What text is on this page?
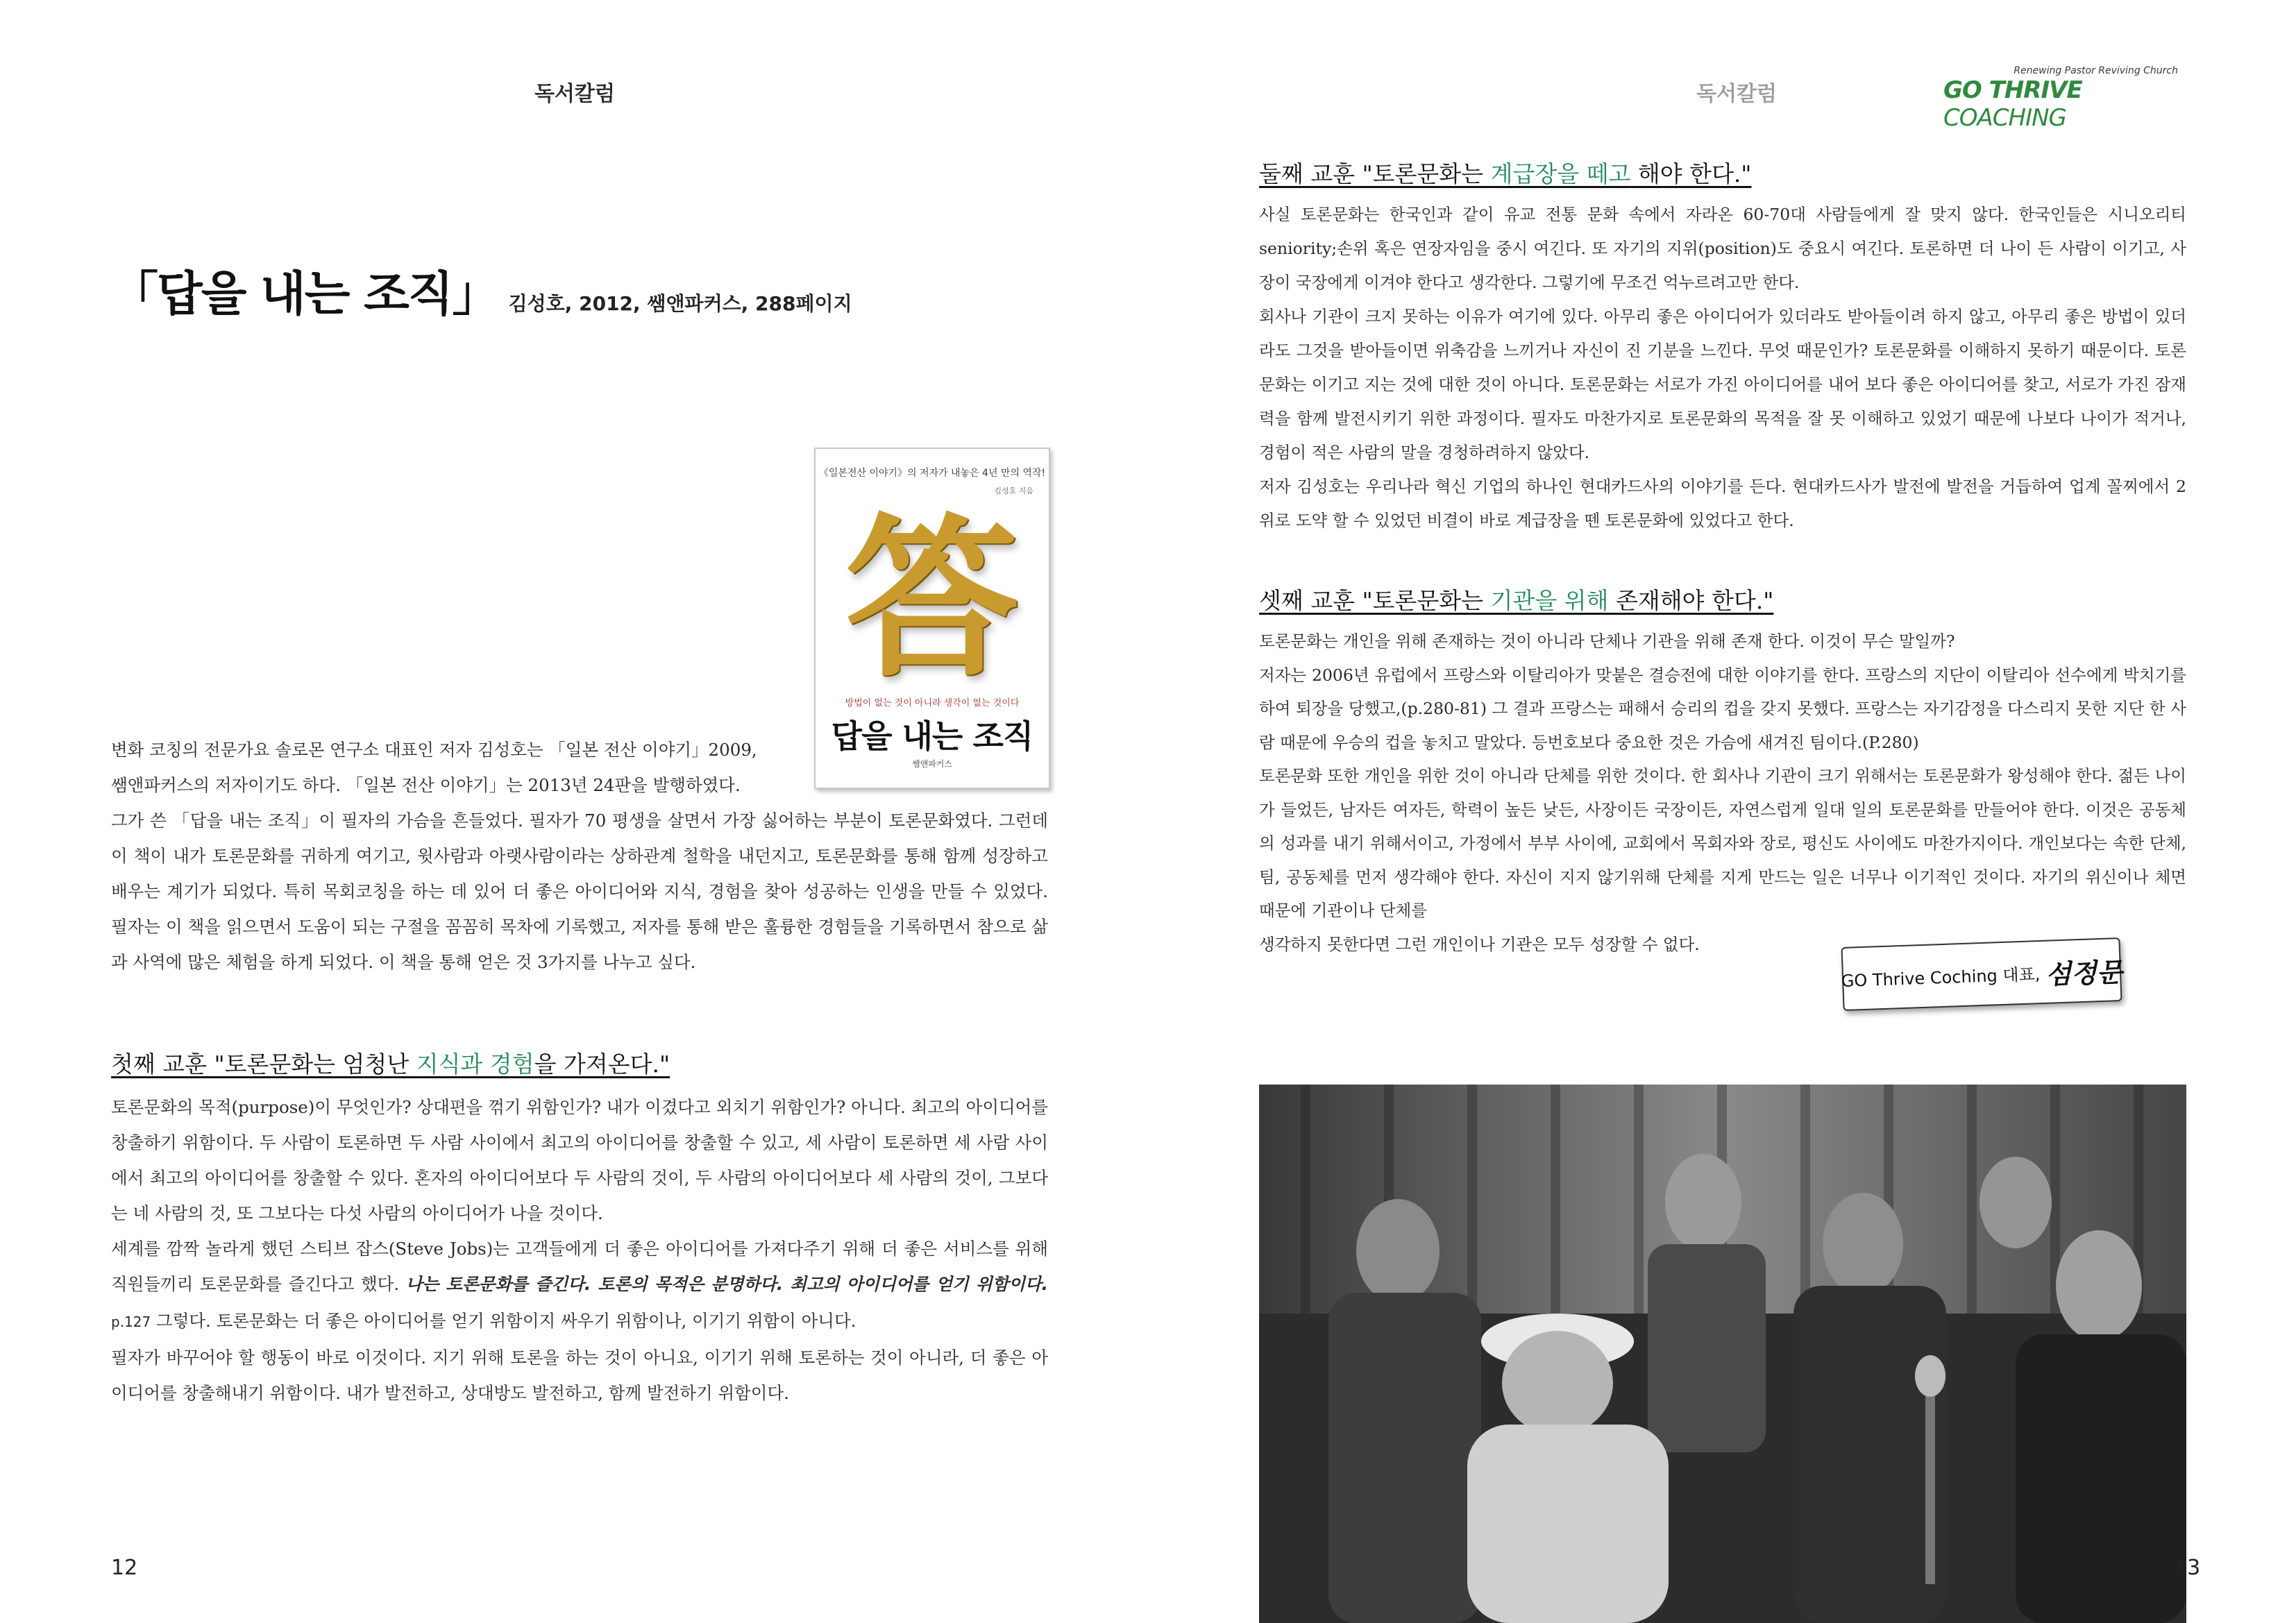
독서칼럼
「답을 내는 조직」 김성호, 2012, 쌤앤파커스, 288페이지
《일본전산 이야기》의 저자가 내놓은 4년 만의 역작!
김성호 지음
答
방법이 없는 것이 아니라 생각이 없는 것이다
답을 내는 조직
쌤앤파커스

변화 코칭의 전문가요 솔로몬 연구소 대표인 저자 김성호는 「일본 전산 이야기」2009,

쌤앤파커스의 저자이기도 하다. 「일본 전산 이야기」는 2013년 24판을 발행하였다.

그가 쓴 「답을 내는 조직」이 필자의 가슴을 흔들었다. 필자가 70 평생을 살면서 가장 싫어하는 부분이 토론문화였다. 그런데 이 책이 내가 토론문화를 귀하게 여기고, 윗사람과 아랫사람이라는 상하관계 철학을 내던지고, 토론문화를 통해 함께 성장하고 배우는 계기가 되었다. 특히 목회코칭을 하는 데 있어 더 좋은 아이디어와 지식, 경험을 찾아 성공하는 인생을 만들 수 있었다. 필자는 이 책을 읽으면서 도움이 되는 구절을 꼼꼼히 목차에 기록했고, 저자를 통해 받은 훌륭한 경험들을 기록하면서 참으로 삶과 사역에 많은 체험을 하게 되었다. 이 책을 통해 얻은 것 3가지를 나누고 싶다.

첫째 교훈 "토론문화는 엄청난 지식과 경험을 가져온다."

토론문화의 목적(purpose)이 무엇인가? 상대편을 꺾기 위함인가? 내가 이겼다고 외치기 위함인가? 아니다. 최고의 아이디어를 창출하기 위함이다. 두 사람이 토론하면 두 사람 사이에서 최고의 아이디어를 창출할 수 있고, 세 사람이 토론하면 세 사람 사이에서 최고의 아이디어를 창출할 수 있다. 혼자의 아이디어보다 두 사람의 것이, 두 사람의 아이디어보다 세 사람의 것이, 그보다는 네 사람의 것, 또 그보다는 다섯 사람의 아이디어가 나을 것이다.

세계를 깜짝 놀라게 했던 스티브 잡스(Steve Jobs)는 고객들에게 더 좋은 아이디어를 가져다주기 위해 더 좋은 서비스를 위해 직원들끼리 토론문화를 즐긴다고 했다. 나는 토론문화를 즐긴다. 토론의 목적은 분명하다. 최고의 아이디어를 얻기 위함이다. p.127 그렇다. 토론문화는 더 좋은 아이디어를 얻기 위함이지 싸우기 위함이나, 이기기 위함이 아니다.

필자가 바꾸어야 할 행동이 바로 이것이다. 지기 위해 토론을 하는 것이 아니요, 이기기 위해 토론하는 것이 아니라, 더 좋은 아이디어를 창출해내기 위함이다. 내가 발전하고, 상대방도 발전하고, 함께 발전하기 위함이다.

12
독서칼럼
Renewing Pastor Reviving Church
GO THRIVE COACHING

둘째 교훈 "토론문화는 계급장을 떼고 해야 한다."

사실 토론문화는 한국인과 같이 유교 전통 문화 속에서 자라온 60-70대 사람들에게 잘 맞지 않다. 한국인들은 시니오리티seniority;손위 혹은 연장자임을 중시 여긴다. 또 자기의 지위(position)도 중요시 여긴다. 토론하면 더 나이 든 사람이 이기고, 사장이 국장에게 이겨야 한다고 생각한다. 그렇기에 무조건 억누르려고만 한다.

회사나 기관이 크지 못하는 이유가 여기에 있다. 아무리 좋은 아이디어가 있더라도 받아들이려 하지 않고, 아무리 좋은 방법이 있더라도 그것을 받아들이면 위축감을 느끼거나 자신이 진 기분을 느낀다. 무엇 때문인가? 토론문화를 이해하지 못하기 때문이다. 토론문화는 이기고 지는 것에 대한 것이 아니다. 토론문화는 서로가 가진 아이디어를 내어 보다 좋은 아이디어를 찾고, 서로가 가진 잠재력을 함께 발전시키기 위한 과정이다. 필자도 마찬가지로 토론문화의 목적을 잘 못 이해하고 있었기 때문에 나보다 나이가 적거나, 경험이 적은 사람의 말을 경청하려하지 않았다.

저자 김성호는 우리나라 혁신 기업의 하나인 현대카드사의 이야기를 든다. 현대카드사가 발전에 발전을 거듭하여 업계 꼴찌에서 2위로 도약 할 수 있었던 비결이 바로 계급장을 뗀 토론문화에 있었다고 한다.

셋째 교훈 "토론문화는 기관을 위해 존재해야 한다."

토론문화는 개인을 위해 존재하는 것이 아니라 단체나 기관을 위해 존재 한다. 이것이 무슨 말일까?

저자는 2006년 유럽에서 프랑스와 이탈리아가 맞붙은 결승전에 대한 이야기를 한다. 프랑스의 지단이 이탈리아 선수에게 박치기를 하여 퇴장을 당했고,(p.280-81) 그 결과 프랑스는 패해서 승리의 컵을 갖지 못했다. 프랑스는 자기감정을 다스리지 못한 지단 한 사람 때문에 우승의 컵을 놓치고 말았다. 등번호보다 중요한 것은 가슴에 새겨진 팀이다.(P.280)

토론문화 또한 개인을 위한 것이 아니라 단체를 위한 것이다. 한 회사나 기관이 크기 위해서는 토론문화가 왕성해야 한다. 젊든 나이가 들었든, 남자든 여자든, 학력이 높든 낮든, 사장이든 국장이든, 자연스럽게 일대 일의 토론문화를 만들어야 한다. 이것은 공동체의 성과를 내기 위해서이고, 가정에서 부부 사이에, 교회에서 목회자와 장로, 평신도 사이에도 마찬가지이다. 개인보다는 속한 단체, 팀, 공동체를 먼저 생각해야 한다. 자신이 지지 않기위해 단체를 지게 만드는 일은 너무나 이기적인 것이다. 자기의 위신이나 체면 때문에 기관이나 단체를

생각하지 못한다면 그런 개인이나 기관은 모두 성장할 수 없다.

GO Thrive Coching 대표, 섬정문
13
